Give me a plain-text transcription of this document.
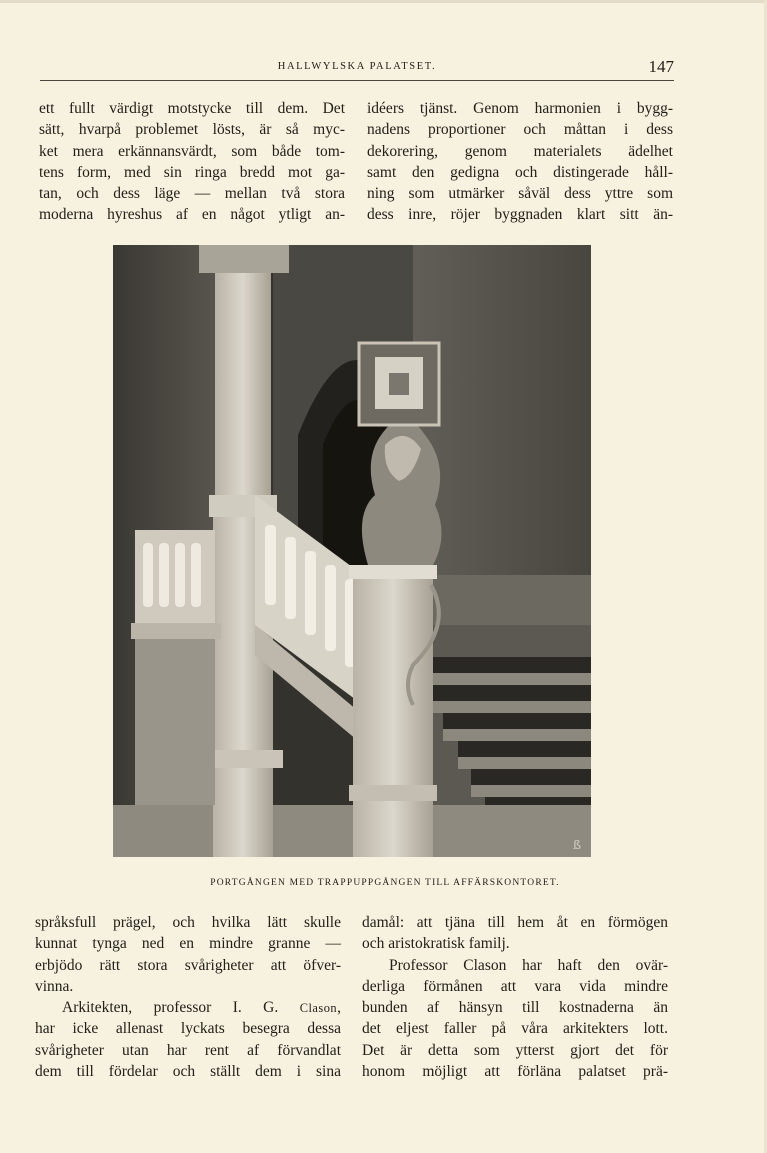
HALLWYLSKA PALATSET.	147
ett fullt värdigt motstycke till dem. Det
sätt, hvarpå problemet lösts, är så myc-
ket mera erkännansvärdt, som både tom-
tens form, med sin ringa bredd mot ga-
tan, och dess läge — mellan två stora
moderna hyreshus af en något ytligt an-
idéers tjänst. Genom harmonien i bygg-
nadens proportioner och måttan i dess
dekorering, genom materialets ädelhet
samt den gedigna och distingerade håll-
ning som utmärker såväl dess yttre som
dess inre, röjer byggnaden klart sitt än-
ß
PORTGÅNGEN MED TRAPPUPPGÅNGEN TILL AFFÄRSKONTORET.
språksfull prägel, och hvilka lätt skulle
kunnat tynga ned en mindre granne —
erbjödo rätt stora svårigheter att öfver-
vinna.
Arkitekten, professor I. G. Clason,
har icke allenast lyckats besegra dessa
svårigheter utan har rent af förvandlat
dem till fördelar och ställt dem i sina
damål: att tjäna till hem åt en förmögen
och aristokratisk familj.
Professor Clason har haft den ovär-
derliga förmånen att vara vida mindre
bunden af hänsyn till kostnaderna än
det eljest faller på våra arkitekters lott.
Det är detta som ytterst gjort det för
honom möjligt att förläna palatset prä-
